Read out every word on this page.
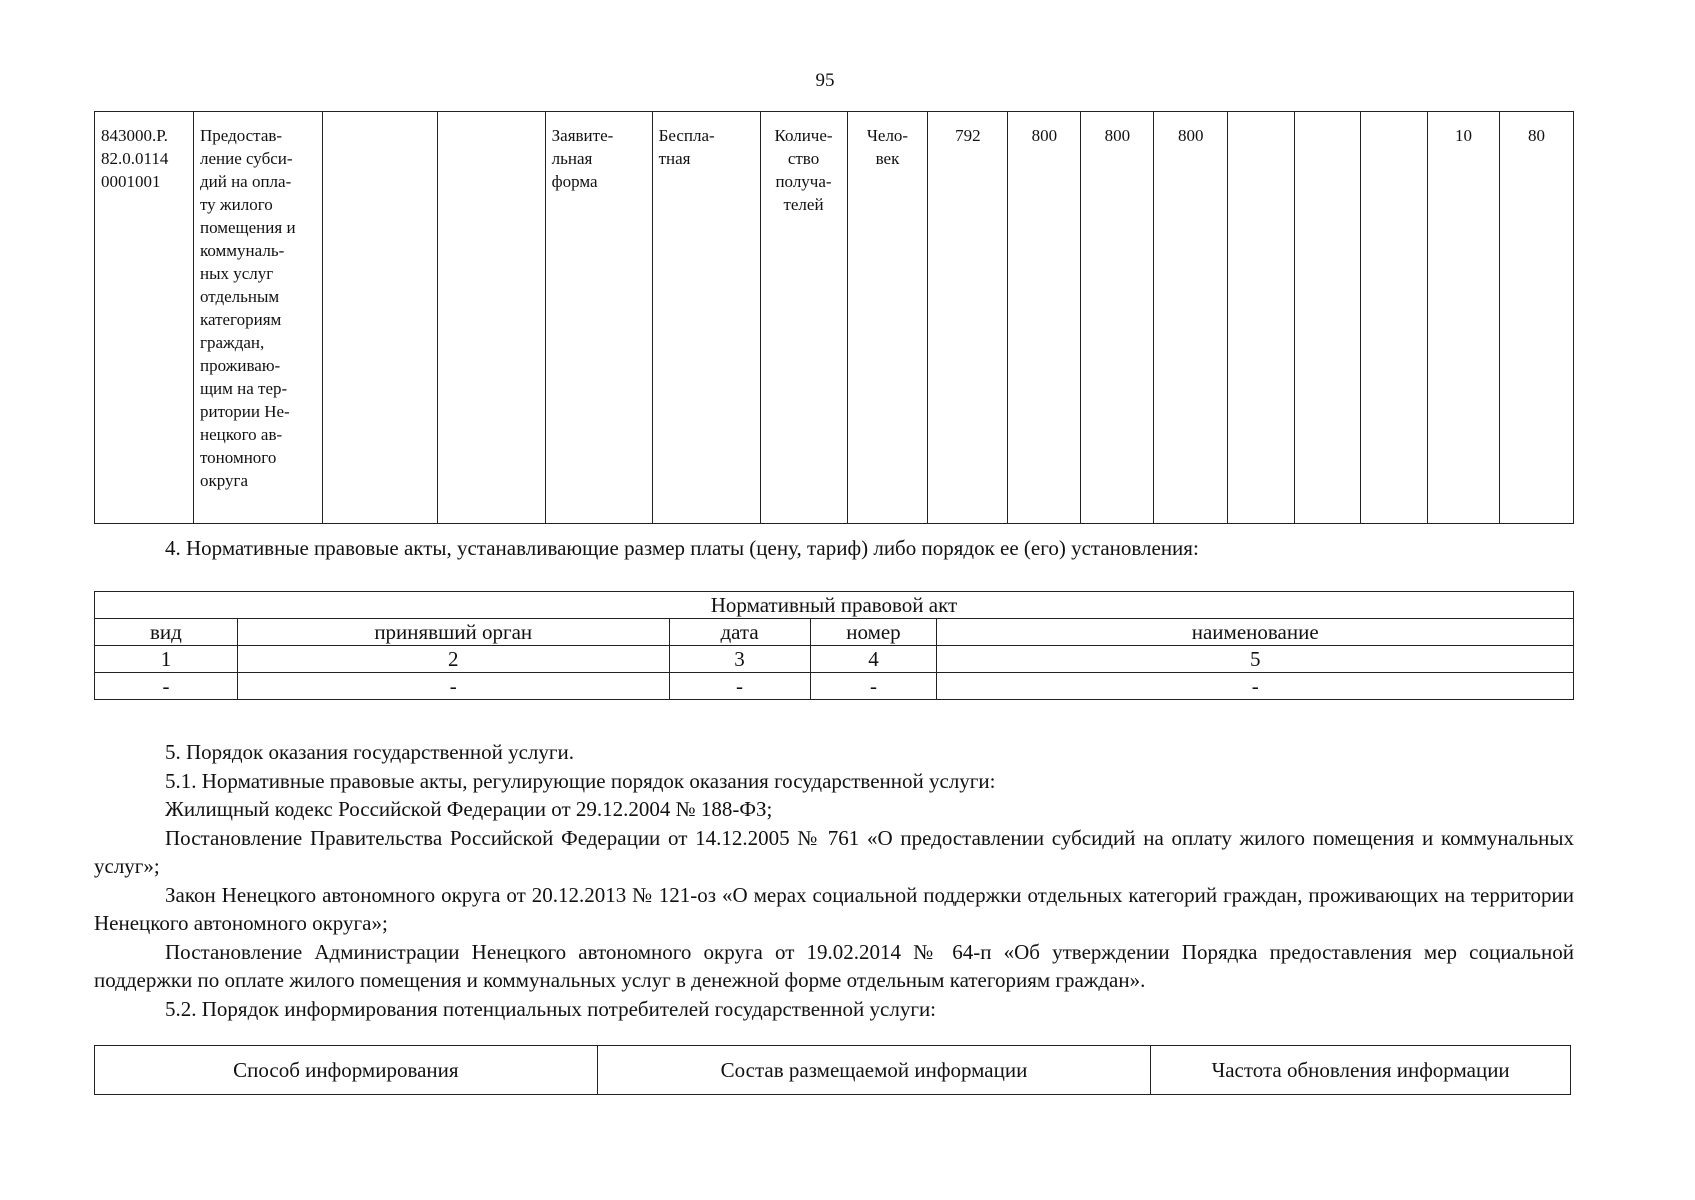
95
843000.Р.
82.0.0114
0001001	Предостав-
ление субси-
дий на опла-
ту жилого
помещения и
коммуналь-
ных услуг
отдельным
категориям
граждан,
проживаю-
щим на тер-
ритории Не-
нецкого ав-
тономного
округа			Заявите-
льная
форма	Беспла-
тная	Количе-
ство
получа-
телей	Чело-
век	792	800	800	800				10	80
4. Нормативные правовые акты, устанавливающие размер платы (цену, тариф) либо порядок ее (его) установления:
Нормативный правовой акт				
вид	принявший орган	дата	номер	наименование
1	2	3	4	5
-	-	-	-	-

5. Порядок оказания государственной услуги.

5.1. Нормативные правовые акты, регулирующие порядок оказания государственной услуги:

Жилищный кодекс Российской Федерации от 29.12.2004 № 188-ФЗ;

Постановление Правительства Российской Федерации от 14.12.2005 № 761 «О предоставлении субсидий на оплату жилого помещения и коммунальных услуг»;

Закон Ненецкого автономного округа от 20.12.2013 № 121-оз «О мерах социальной поддержки отдельных категорий граждан, проживающих на территории Ненецкого автономного округа»;

Постановление Администрации Ненецкого автономного округа от 19.02.2014 № 64-п «Об утверждении Порядка предоставления мер социальной поддержки по оплате жилого помещения и коммунальных услуг в денежной форме отдельным категориям граждан».

5.2. Порядок информирования потенциальных потребителей государственной услуги:

Способ информирования	Состав размещаемой информации	Частота обновления информации
